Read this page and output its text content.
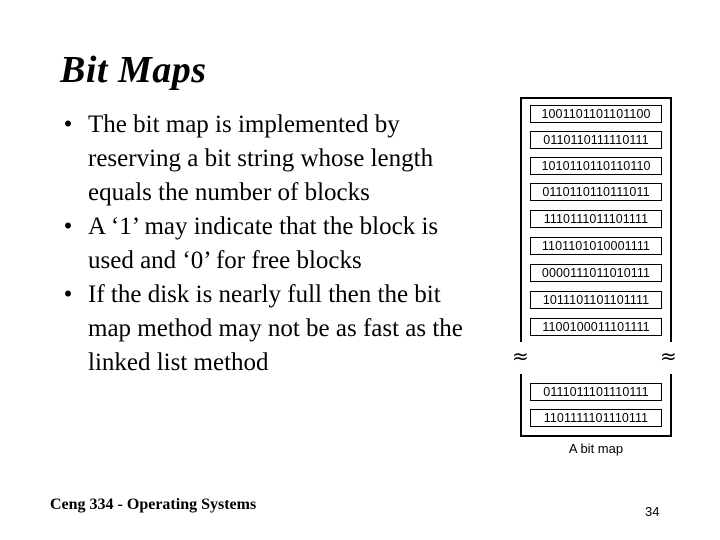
Bit Maps
• The bit map is implemented by reserving a bit string whose length equals the number of blocks
• A ‘1’ may indicate that the block is used and ‘0’ for free blocks
• If the disk is nearly full then the bit map method may not be as fast as the linked list method
1001101101101100
0110110111110111
1010110110110110
0110110110111011
1110111011101111
1101101010001111
0000111011010111
1011101101101111
1100100011101111
0111011101110111
1101111101110111
≈	≈
A bit map
Ceng 334 - Operating Systems	34
